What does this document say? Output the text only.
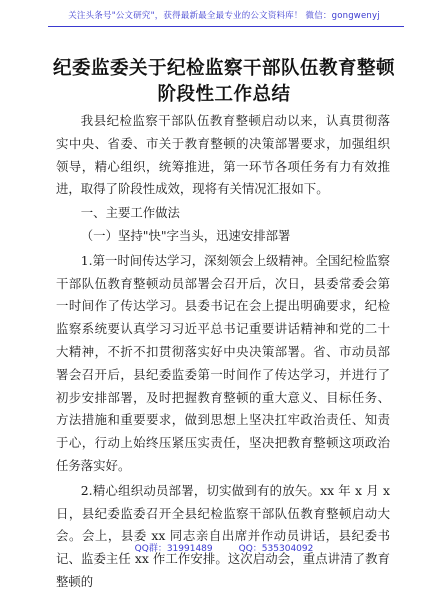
关注头条号"公文研究"，获得最新最全最专业的公文资料库！ 微信：gongwenyj
纪委监委关于纪检监察干部队伍教育整顿
阶段性工作总结

我县纪检监察干部队伍教育整顿启动以来，认真贯彻落实中央、省委、市关于教育整顿的决策部署要求，加强组织领导，精心组织，统筹推进，第一环节各项任务有力有效推进，取得了阶段性成效，现将有关情况汇报如下。

一、主要工作做法

（一）坚持"快"字当头，迅速安排部署

1.第一时间传达学习，深刻领会上级精神。全国纪检监察干部队伍教育整顿动员部署会召开后，次日，县委常委会第一时间作了传达学习。县委书记在会上提出明确要求，纪检监察系统要认真学习习近平总书记重要讲话精神和党的二十大精神，不折不扣贯彻落实好中央决策部署。省、市动员部署会召开后，县纪委监委第一时间作了传达学习，并进行了初步安排部署，及时把握教育整顿的重大意义、目标任务、方法措施和重要要求，做到思想上坚决扛牢政治责任、知责于心，行动上始终压紧压实责任，坚决把教育整顿这项政治任务落实好。

2.精心组织动员部署，切实做到有的放矢。xx 年 x 月 x 日，县纪委监委召开全县纪检监察干部队伍教育整顿启动大会。会上，县委 xx 同志亲自出席并作动员讲话，县纪委书记、监委主任 xx 作工作安排。这次启动会，重点讲清了教育整顿的

QQ群：31991489	QQ：535304092
